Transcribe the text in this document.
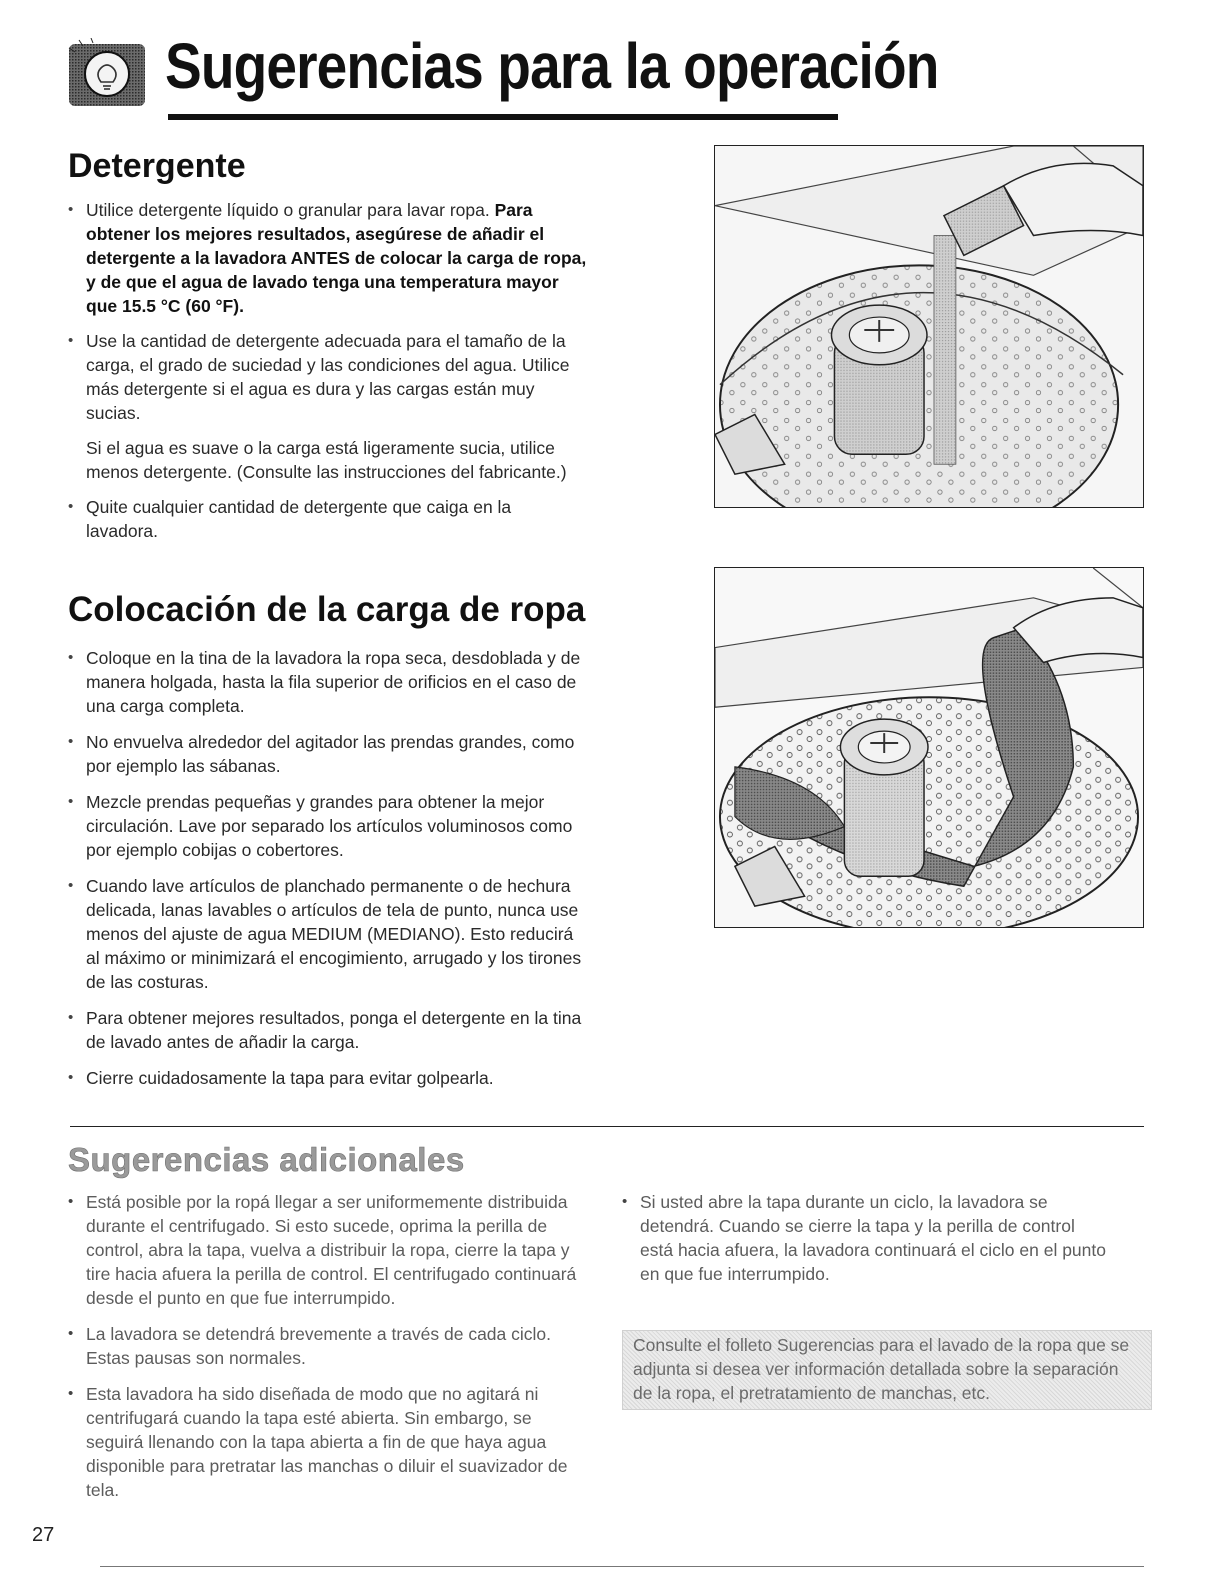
Sugerencias para la operación
Detergente
• Utilice detergente líquido o granular para lavar ropa. Para obtener los mejores resultados, asegúrese de añadir el detergente a la lavadora ANTES de colocar la carga de ropa, y de que el agua de lavado tenga una temperatura mayor que 15.5 °C (60 °F).
• Use la cantidad de detergente adecuada para el tamaño de la carga, el grado de suciedad y las condiciones del agua. Utilice más detergente si el agua es dura y las cargas están muy sucias.
Si el agua es suave o la carga está ligeramente sucia, utilice menos detergente. (Consulte las instrucciones del fabricante.)
• Quite cualquier cantidad de detergente que caiga en la lavadora.
Colocación de la carga de ropa
• Coloque en la tina de la lavadora la ropa seca, desdoblada y de manera holgada, hasta la fila superior de orificios en el caso de una carga completa.
• No envuelva alrededor del agitador las prendas grandes, como por ejemplo las sábanas.
• Mezcle prendas pequeñas y grandes para obtener la mejor circulación. Lave por separado los artículos voluminosos como por ejemplo cobijas o cobertores.
• Cuando lave artículos de planchado permanente o de hechura delicada, lanas lavables o artículos de tela de punto, nunca use menos del ajuste de agua MEDIUM (MEDIANO). Esto reducirá al máximo or minimizará el encogimiento, arrugado y los tirones de las costuras.
• Para obtener mejores resultados, ponga el detergente en la tina de lavado antes de añadir la carga.
• Cierre cuidadosamente la tapa para evitar golpearla.
Sugerencias adicionales
• Está posible por la ropá llegar a ser uniformemente distribuida durante el centrifugado. Si esto sucede, oprima la perilla de control, abra la tapa, vuelva a distribuir la ropa, cierre la tapa y tire hacia afuera la perilla de control. El centrifugado continuará desde el punto en que fue interrumpido.
• La lavadora se detendrá brevemente a través de cada ciclo. Estas pausas son normales.
• Esta lavadora ha sido diseñada de modo que no agitará ni centrifugará cuando la tapa esté abierta. Sin embargo, se seguirá llenando con la tapa abierta a fin de que haya agua disponible para pretratar las manchas o diluir el suavizador de tela.
• Si usted abre la tapa durante un ciclo, la lavadora se detendrá. Cuando se cierre la tapa y la perilla de control está hacia afuera, la lavadora continuará el ciclo en el punto en que fue interrumpido.
Consulte el folleto Sugerencias para el lavado de la ropa que se adjunta si desea ver información detallada sobre la separación de la ropa, el pretratamiento de manchas, etc.
27
